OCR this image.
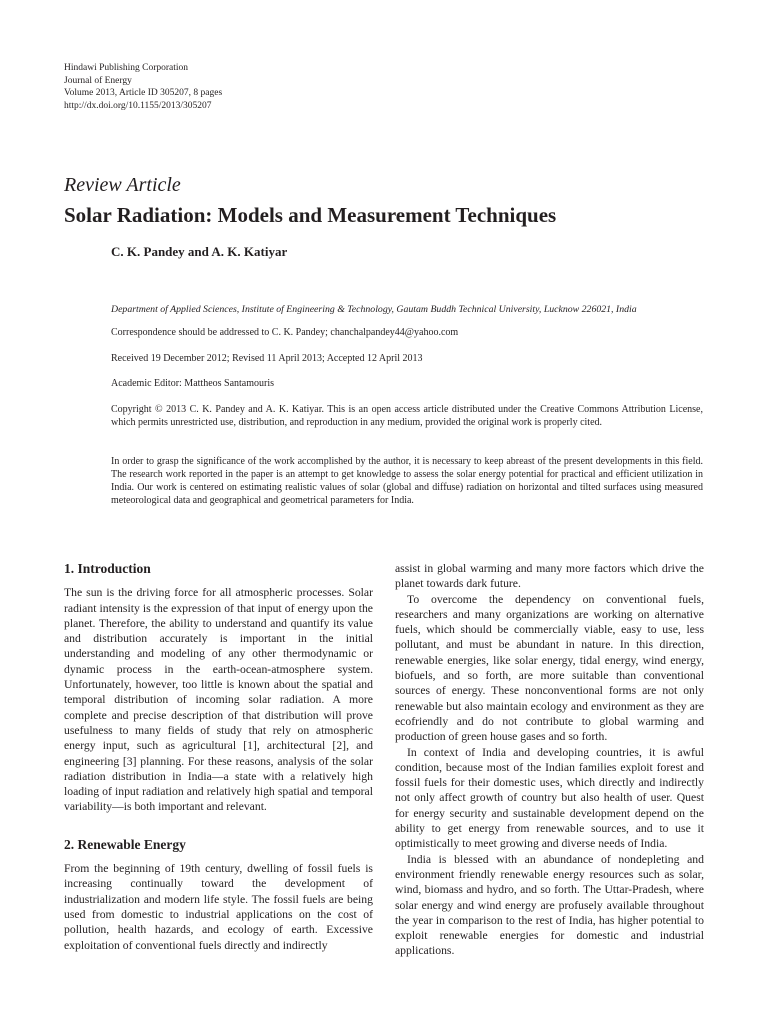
Hindawi Publishing Corporation
Journal of Energy
Volume 2013, Article ID 305207, 8 pages
http://dx.doi.org/10.1155/2013/305207
Review Article
Solar Radiation: Models and Measurement Techniques
C. K. Pandey and A. K. Katiyar
Department of Applied Sciences, Institute of Engineering & Technology, Gautam Buddh Technical University, Lucknow 226021, India
Correspondence should be addressed to C. K. Pandey; chanchalpandey44@yahoo.com
Received 19 December 2012; Revised 11 April 2013; Accepted 12 April 2013
Academic Editor: Mattheos Santamouris
Copyright © 2013 C. K. Pandey and A. K. Katiyar. This is an open access article distributed under the Creative Commons Attribution License, which permits unrestricted use, distribution, and reproduction in any medium, provided the original work is properly cited.
In order to grasp the significance of the work accomplished by the author, it is necessary to keep abreast of the present developments in this field. The research work reported in the paper is an attempt to get knowledge to assess the solar energy potential for practical and efficient utilization in India. Our work is centered on estimating realistic values of solar (global and diffuse) radiation on horizontal and tilted surfaces using measured meteorological data and geographical and geometrical parameters for India.
1. Introduction

The sun is the driving force for all atmospheric processes. Solar radiant intensity is the expression of that input of energy upon the planet. Therefore, the ability to understand and quantify its value and distribution accurately is important in the initial understanding and modeling of any other thermodynamic or dynamic process in the earth-ocean-atmosphere system. Unfortunately, however, too little is known about the spatial and temporal distribution of incoming solar radiation. A more complete and precise description of that distribution will prove usefulness to many fields of study that rely on atmospheric energy input, such as agricultural [1], architectural [2], and engineering [3] planning. For these reasons, analysis of the solar radiation distribution in India—a state with a relatively high loading of input radiation and relatively high spatial and temporal variability—is both important and relevant.

2. Renewable Energy

From the beginning of 19th century, dwelling of fossil fuels is increasing continually toward the development of industrialization and modern life style. The fossil fuels are being used from domestic to industrial applications on the cost of pollution, health hazards, and ecology of earth. Excessive exploitation of conventional fuels directly and indirectly

assist in global warming and many more factors which drive the planet towards dark future.

To overcome the dependency on conventional fuels, researchers and many organizations are working on alternative fuels, which should be commercially viable, easy to use, less pollutant, and must be abundant in nature. In this direction, renewable energies, like solar energy, tidal energy, wind energy, biofuels, and so forth, are more suitable than conventional sources of energy. These nonconventional forms are not only renewable but also maintain ecology and environment as they are ecofriendly and do not contribute to global warming and production of green house gases and so forth.

In context of India and developing countries, it is awful condition, because most of the Indian families exploit forest and fossil fuels for their domestic uses, which directly and indirectly not only affect growth of country but also health of user. Quest for energy security and sustainable development depend on the ability to get energy from renewable sources, and to use it optimistically to meet growing and diverse needs of India.

India is blessed with an abundance of nondepleting and environment friendly renewable energy resources such as solar, wind, biomass and hydro, and so forth. The Uttar-Pradesh, where solar energy and wind energy are profusely available throughout the year in comparison to the rest of India, has higher potential to exploit renewable energies for domestic and industrial applications.
